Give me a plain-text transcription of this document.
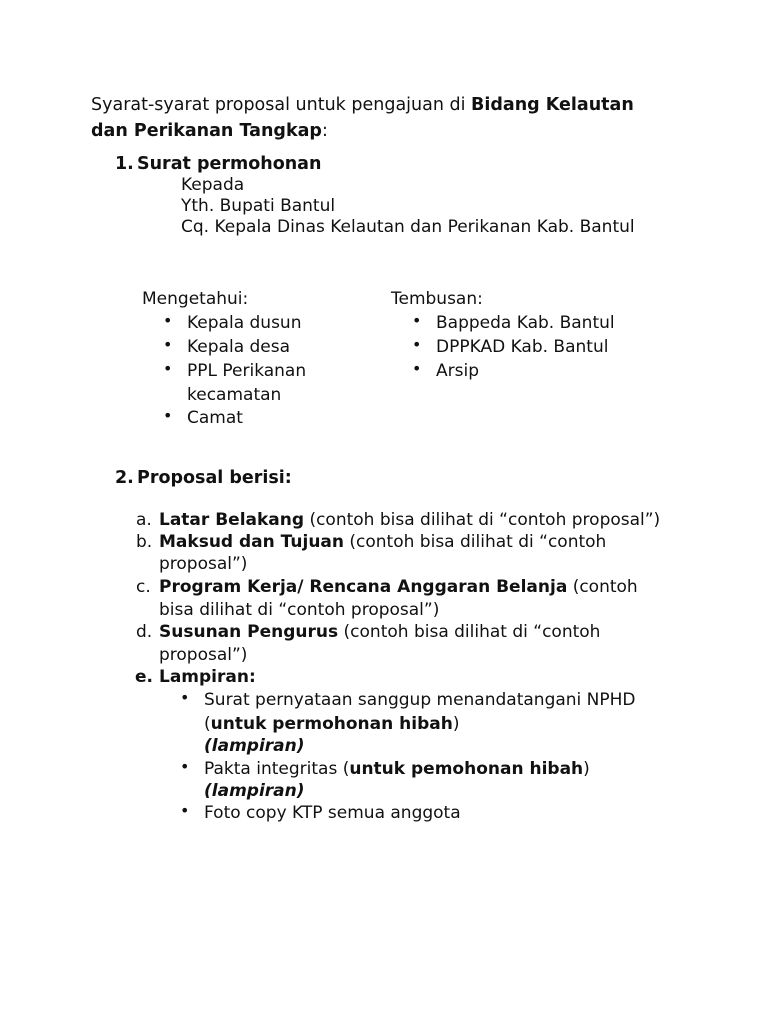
Syarat-syarat proposal untuk pengajuan di Bidang Kelautan
dan Perikanan Tangkap:
1. Surat permohonan
Kepada
Yth. Bupati Bantul
Cq. Kepala Dinas Kelautan dan Perikanan Kab. Bantul
Mengetahui:
• Kepala dusun
• Kepala desa
• PPL Perikanan
kecamatan
• Camat
Tembusan:
• Bappeda Kab. Bantul
• DPPKAD Kab. Bantul
• Arsip
2. Proposal berisi:
a. Latar Belakang (contoh bisa dilihat di “contoh proposal”)
b. Maksud dan Tujuan (contoh bisa dilihat di “contoh
proposal”)
c. Program Kerja/ Rencana Anggaran Belanja (contoh
bisa dilihat di “contoh proposal”)
d. Susunan Pengurus (contoh bisa dilihat di “contoh
proposal”)
e. Lampiran:
• Surat pernyataan sanggup menandatangani NPHD
(untuk permohonan hibah)
(lampiran)
• Pakta integritas (untuk pemohonan hibah)
(lampiran)
• Foto copy KTP semua anggota
